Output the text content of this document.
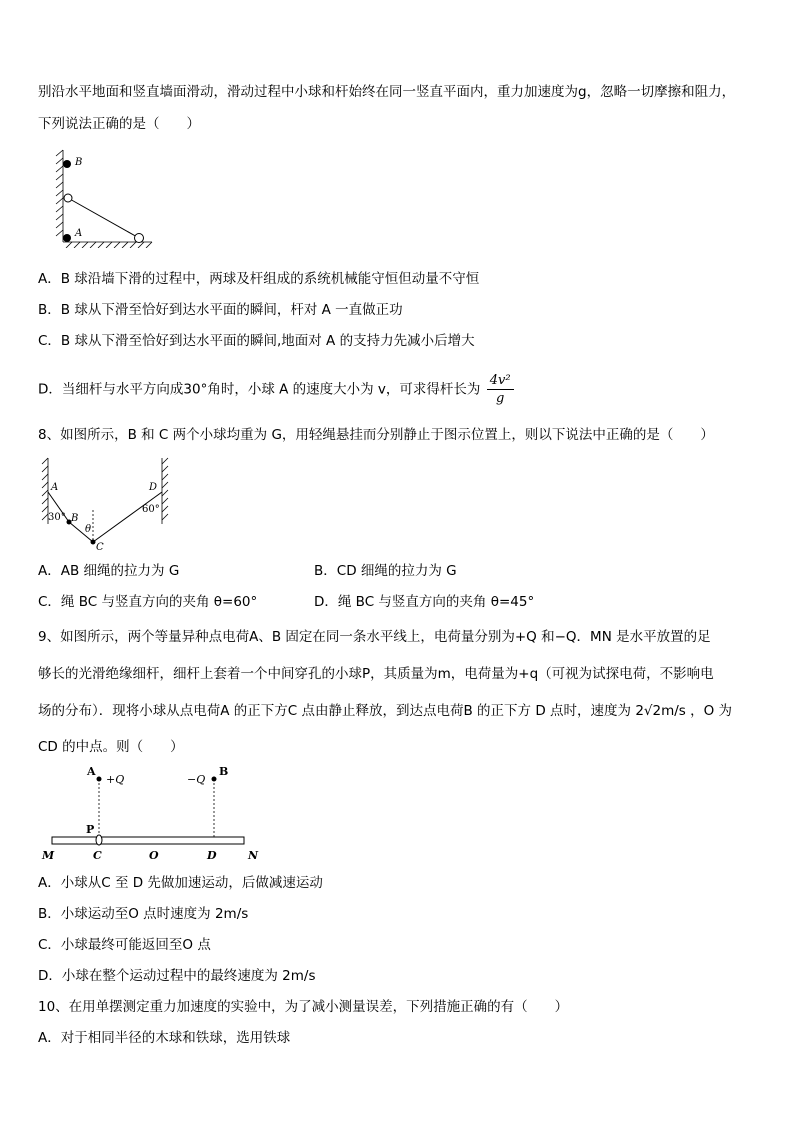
别沿水平地面和竖直墙面滑动，滑动过程中小球和杆始终在同一竖直平面内，重力加速度为g，忽略一切摩擦和阻力，
下列说法正确的是（　　）
B
A
A．B 球沿墙下滑的过程中，两球及杆组成的系统机械能守恒但动量不守恒
B．B 球从下滑至恰好到达水平面的瞬间，杆对 A 一直做正功
C．B 球从下滑至恰好到达水平面的瞬间,地面对 A 的支持力先减小后增大
D．当细杆与水平方向成30°角时，小球 A 的速度大小为 v，可求得杆长为 $\frac{\text{4v²}}{g}$
8、如图所示，B 和 C 两个小球均重为 G，用轻绳悬挂而分别静止于图示位置上，则以下说法中正确的是（　　）
A
B
C
D
30°
60°
θ
A．AB 细绳的拉力为 G	B．CD 细绳的拉力为 G
C．绳 BC 与竖直方向的夹角 θ=60°	D．绳 BC 与竖直方向的夹角 θ=45°
9、如图所示，两个等量异种点电荷A、B 固定在同一条水平线上，电荷量分别为+Q 和−Q．MN 是水平放置的足
够长的光滑绝缘细杆，细杆上套着一个中间穿孔的小球P，其质量为m，电荷量为+q（可视为试探电荷，不影响电
场的分布）．现将小球从点电荷A 的正下方C 点由静止释放，到达点电荷B 的正下方 D 点时，速度为 2√2m/s ，O 为
CD 的中点。则（　　）
A
+Q	−Q
B
P
M	C	O	D	N
A．小球从C 至 D 先做加速运动，后做减速运动
B．小球运动至O 点时速度为 2m/s
C．小球最终可能返回至O 点
D．小球在整个运动过程中的最终速度为 2m/s
10、在用单摆测定重力加速度的实验中，为了减小测量误差，下列措施正确的有（　　）
A．对于相同半径的木球和铁球，选用铁球
